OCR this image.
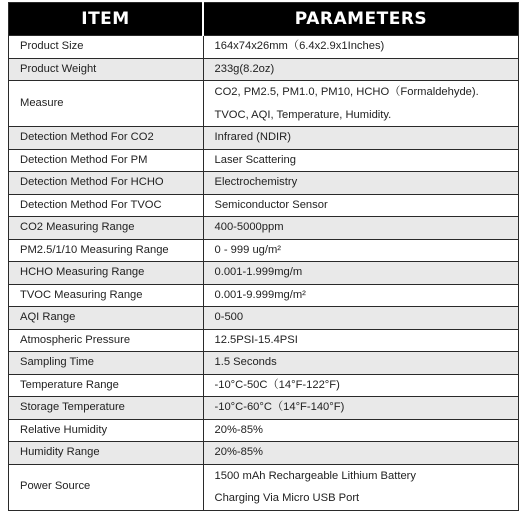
ITEM	PARAMETERS
Product Size	164x74x26mm（6.4x2.9x1Inches)

Product Weight	233g(8.2oz)

Measure	CO2, PM2.5, PM1.0, PM10, HCHO（Formaldehyde).
TVOC, AQI, Temperature, Humidity.

Detection Method For CO2	Infrared (NDIR)

Detection Method For PM	Laser Scattering

Detection Method For HCHO	Electrochemistry

Detection Method For TVOC	Semiconductor Sensor

CO2 Measuring Range	400-5000ppm

PM2.5/1/10 Measuring Range	0 - 999 ug/m²

HCHO Measuring Range	0.001-1.999mg/m

TVOC Measuring Range	0.001-9.999mg/m²

AQI Range	0-500

Atmospheric Pressure	12.5PSI-15.4PSI

Sampling Time	1.5 Seconds

Temperature Range	-10°C-50C（14°F-122°F)

Storage Temperature	-10°C-60°C（14°F-140°F)

Relative Humidity	20%-85%

Humidity Range	20%-85%

Power Source	1500 mAh Rechargeable Lithium Battery
Charging Via Micro USB Port
